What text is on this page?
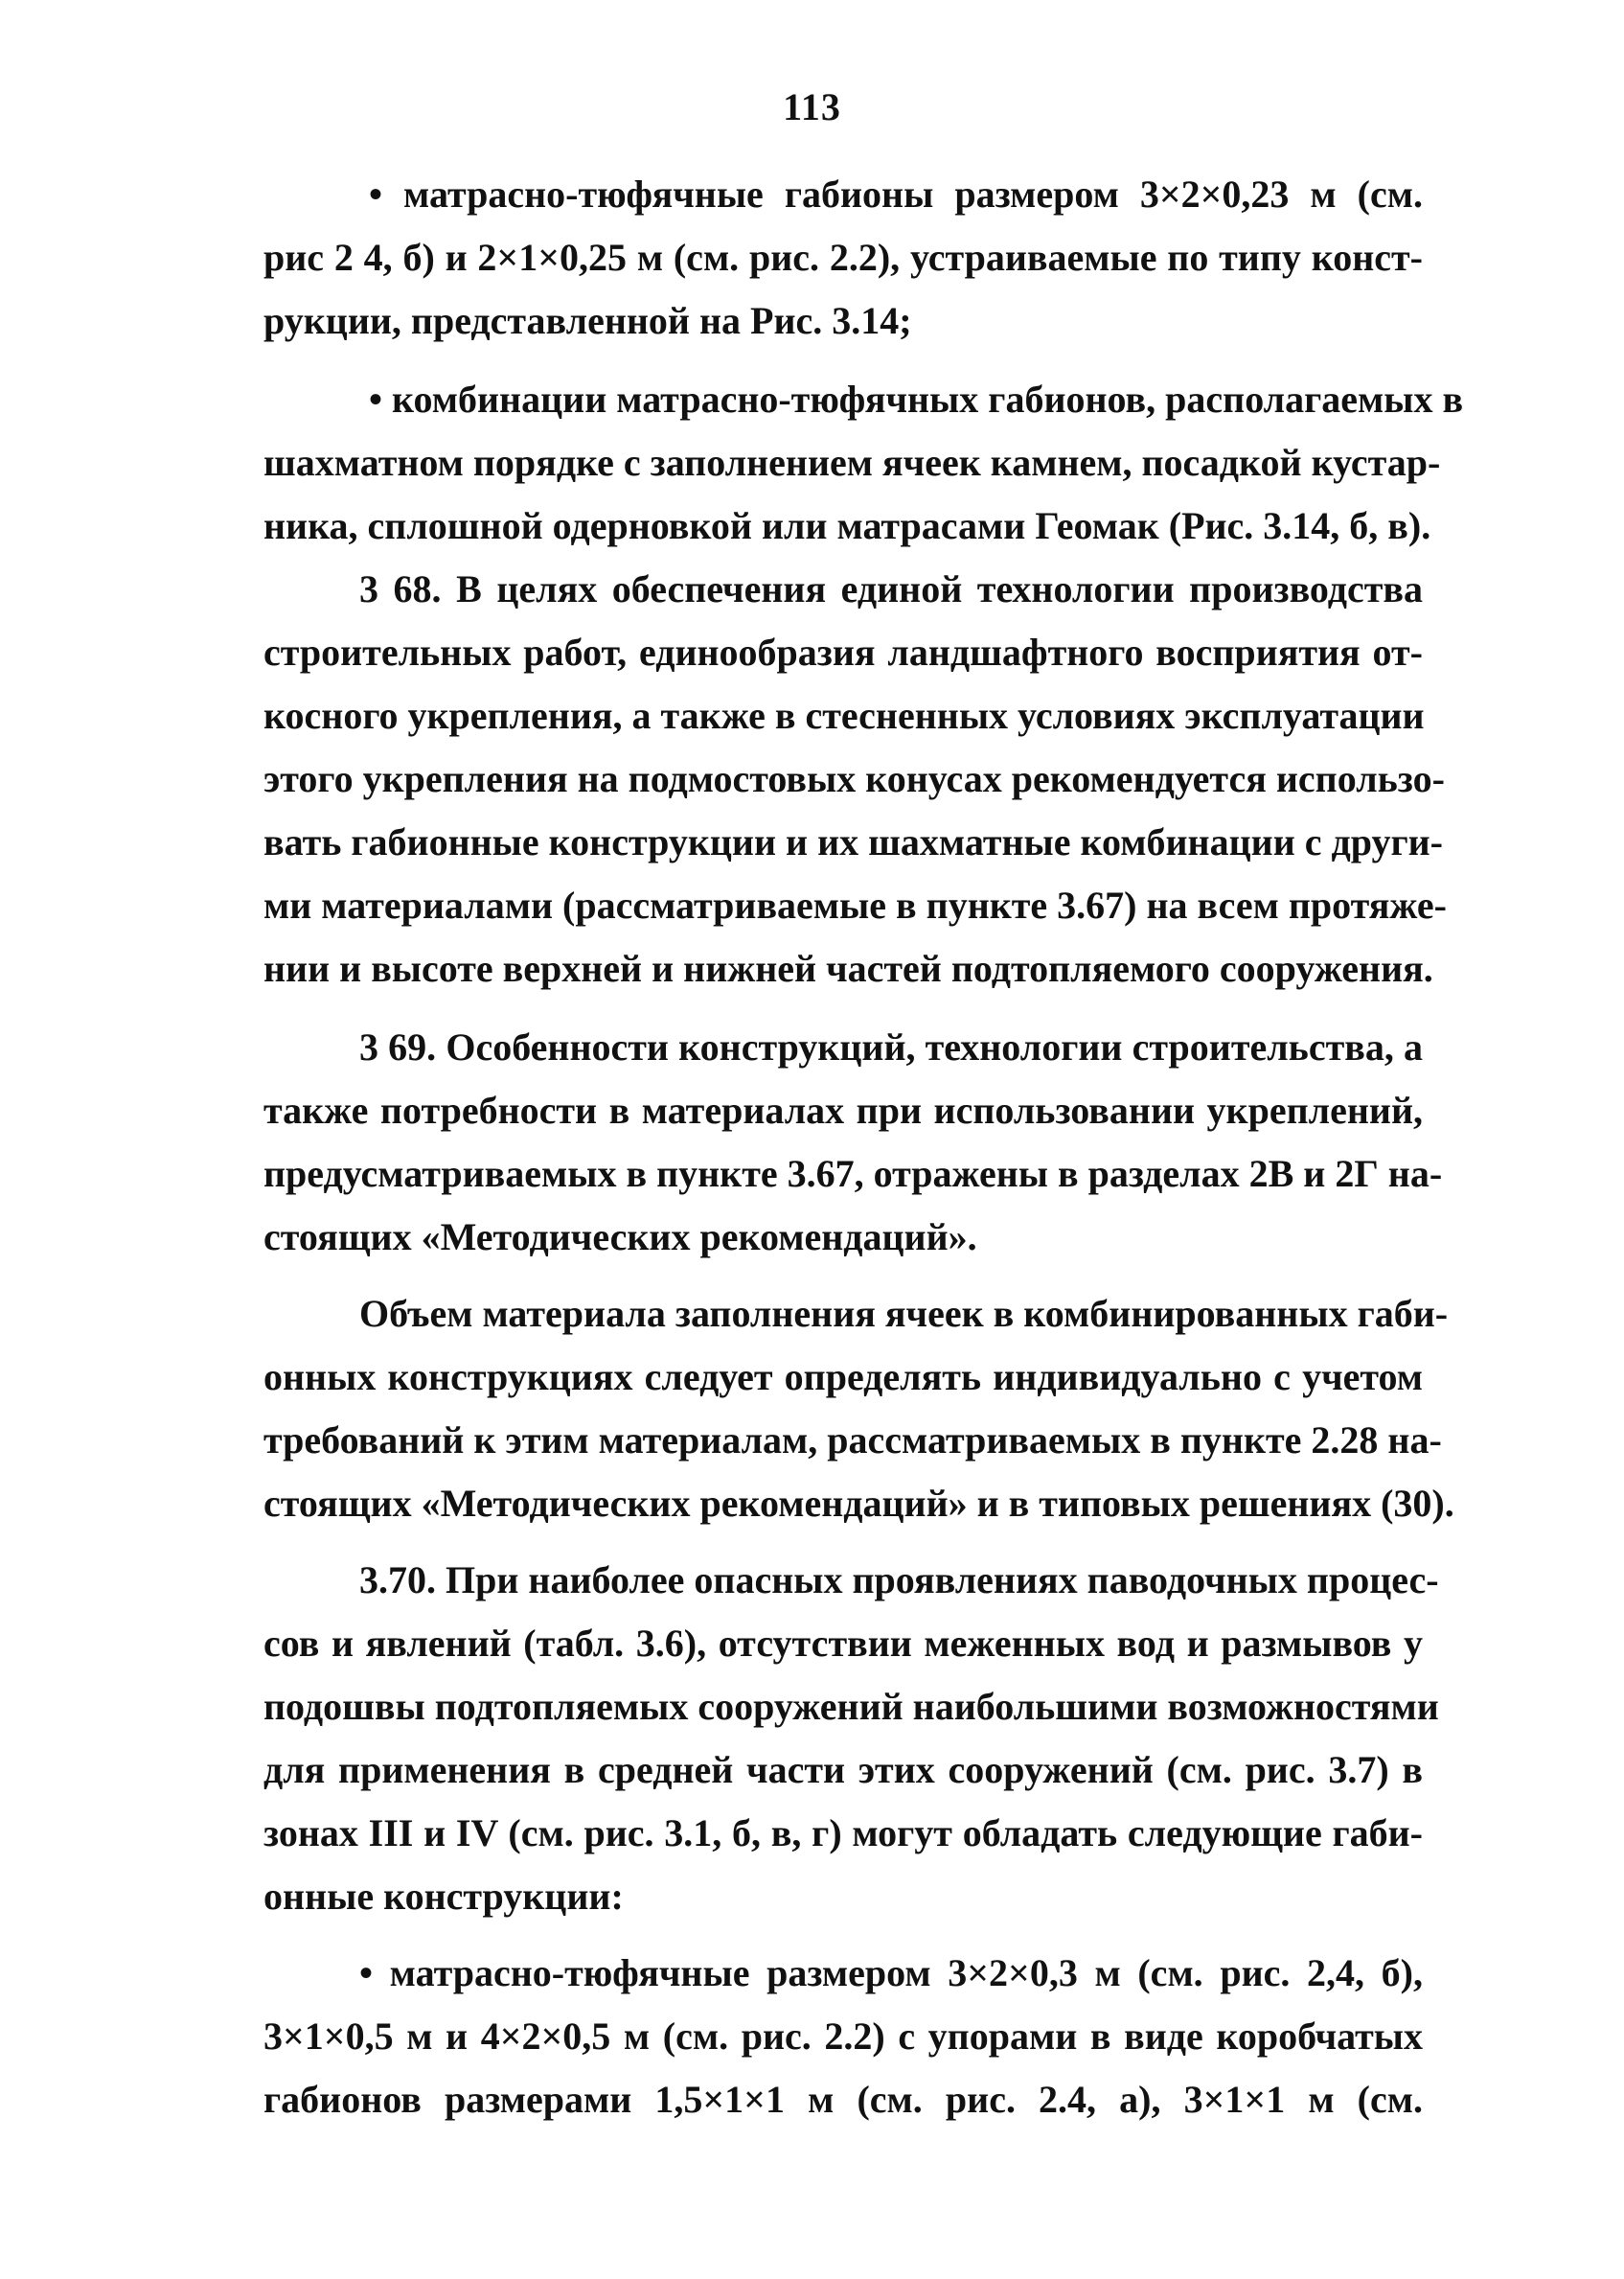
113
• матрасно-тюфячные габионы размером 3×2×0,23 м (см.
рис 2 4, б) и 2×1×0,25 м (см. рис. 2.2), устраиваемые по типу конст-
рукции, представленной на Рис. 3.14;
• комбинации матрасно-тюфячных габионов, располагаемых в
шахматном порядке с заполнением ячеек камнем, посадкой кустар-
ника, сплошной одерновкой или матрасами Геомак (Рис. 3.14, б, в).
3 68. В целях обеспечения единой технологии производства
строительных работ, единообразия ландшафтного восприятия от-
косного укрепления, а также в стесненных условиях эксплуатации
этого укрепления на подмостовых конусах рекомендуется использо-
вать габионные конструкции и их шахматные комбинации с други-
ми материалами (рассматриваемые в пункте 3.67) на всем протяже-
нии и высоте верхней и нижней частей подтопляемого сооружения.
3 69. Особенности конструкций, технологии строительства, а
также потребности в материалах при использовании укреплений,
предусматриваемых в пункте 3.67, отражены в разделах 2В и 2Г на-
стоящих «Методических рекомендаций».
Объем материала заполнения ячеек в комбинированных габи-
онных конструкциях следует определять индивидуально с учетом
требований к этим материалам, рассматриваемых в пункте 2.28 на-
стоящих «Методических рекомендаций» и в типовых решениях (30).
3.70. При наиболее опасных проявлениях паводочных процес-
сов и явлений (табл. 3.6), отсутствии меженных вод и размывов у
подошвы подтопляемых сооружений наибольшими возможностями
для применения в средней части этих сооружений (см. рис. 3.7) в
зонах III и IV (см. рис. 3.1, б, в, г) могут обладать следующие габи-
онные конструкции:
• матрасно-тюфячные размером 3×2×0,3 м (см. рис. 2,4, б),
3×1×0,5 м и 4×2×0,5 м (см. рис. 2.2) с упорами в виде коробчатых
габионов размерами 1,5×1×1 м (см. рис. 2.4, а), 3×1×1 м (см.
